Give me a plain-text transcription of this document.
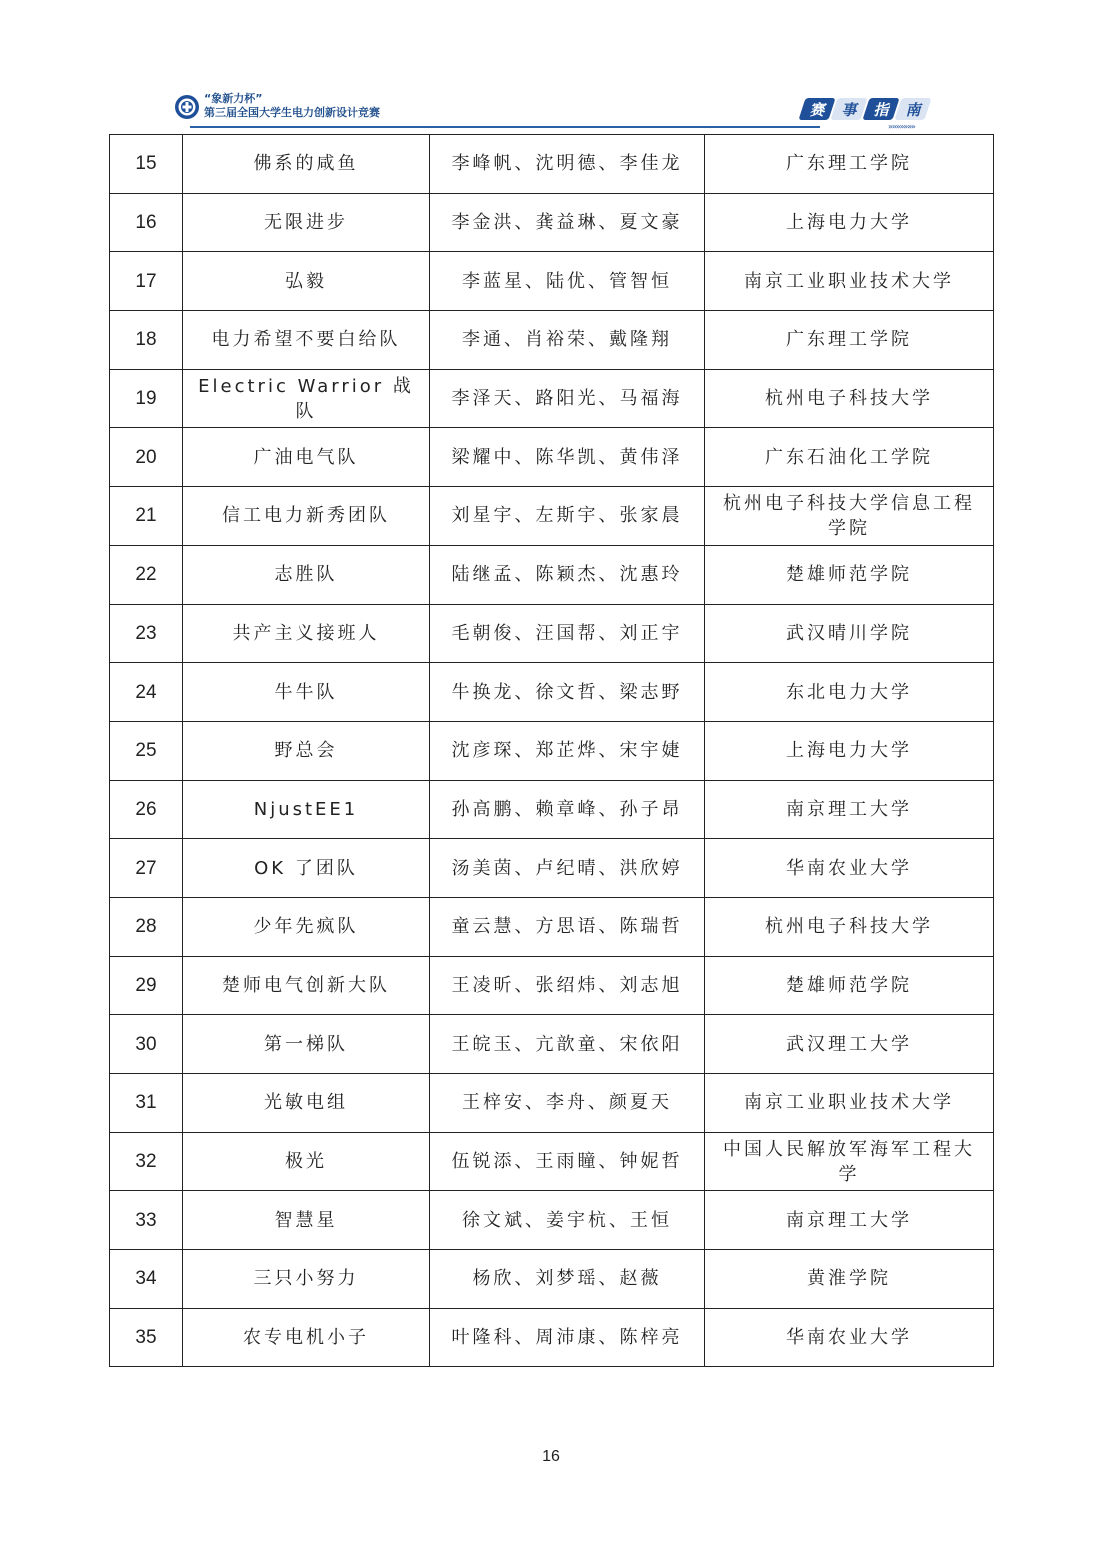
“象新力杯”
第三届全国大学生电力创新设计竞赛	赛	事	指	南
»»»»»»»
15	佛系的咸鱼	李峰帆、沈明德、李佳龙	广东理工学院
16	无限进步	李金洪、龚益琳、夏文豪	上海电力大学
17	弘毅	李蓝星、陆优、管智恒	南京工业职业技术大学
18	电力希望不要白给队	李通、肖裕荣、戴隆翔	广东理工学院
19	Electric Warrior 战队	李泽天、路阳光、马福海	杭州电子科技大学
20	广油电气队	梁耀中、陈华凯、黄伟泽	广东石油化工学院
21	信工电力新秀团队	刘星宇、左斯宇、张家晨	杭州电子科技大学信息工程学院
22	志胜队	陆继孟、陈颖杰、沈惠玲	楚雄师范学院
23	共产主义接班人	毛朝俊、汪国帮、刘正宇	武汉晴川学院
24	牛牛队	牛换龙、徐文哲、梁志野	东北电力大学
25	野总会	沈彦琛、郑芷烨、宋宇婕	上海电力大学
26	NjustEE1	孙高鹏、赖章峰、孙子昂	南京理工大学
27	OK 了团队	汤美茵、卢纪晴、洪欣婷	华南农业大学
28	少年先疯队	童云慧、方思语、陈瑞哲	杭州电子科技大学
29	楚师电气创新大队	王凌昕、张绍炜、刘志旭	楚雄师范学院
30	第一梯队	王皖玉、亢歆童、宋依阳	武汉理工大学
31	光敏电组	王梓安、李舟、颜夏天	南京工业职业技术大学
32	极光	伍锐添、王雨瞳、钟妮哲	中国人民解放军海军工程大学
33	智慧星	徐文斌、姜宇杭、王恒	南京理工大学
34	三只小努力	杨欣、刘梦瑶、赵薇	黄淮学院
35	农专电机小子	叶隆科、周沛康、陈梓亮	华南农业大学
16
